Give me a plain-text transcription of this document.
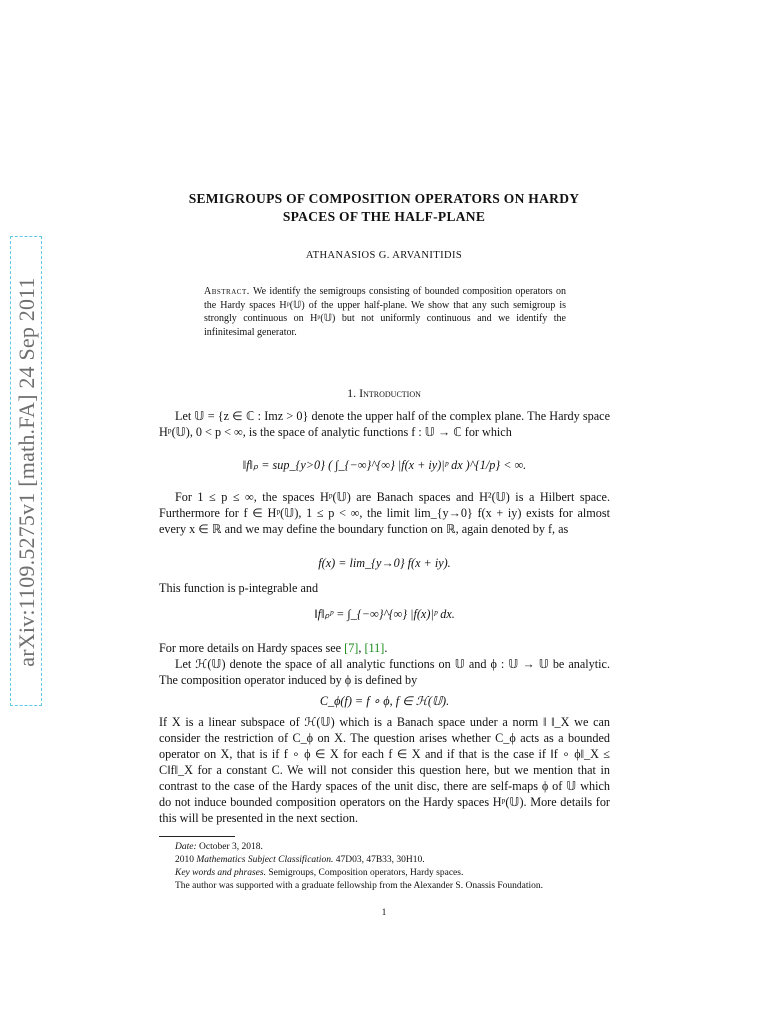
arXiv:1109.5275v1 [math.FA] 24 Sep 2011
SEMIGROUPS OF COMPOSITION OPERATORS ON HARDY
SPACES OF THE HALF-PLANE
ATHANASIOS G. ARVANITIDIS
Abstract. We identify the semigroups consisting of bounded composition operators on the Hardy spaces Hᵖ(𝕌) of the upper half-plane. We show that any such semigroup is strongly continuous on Hᵖ(𝕌) but not uniformly continuous and we identify the infinitesimal generator.
1. Introduction

Let 𝕌 = {z ∈ ℂ : Imz > 0} denote the upper half of the complex plane. The Hardy space Hᵖ(𝕌), 0 < p < ∞, is the space of analytic functions f : 𝕌 → ℂ for which

‖f‖ₚ = sup_{y>0} ( ∫_{−∞}^{∞} |f(x + iy)|ᵖ dx )^{1/p} < ∞.

For 1 ≤ p ≤ ∞, the spaces Hᵖ(𝕌) are Banach spaces and H²(𝕌) is a Hilbert space. Furthermore for f ∈ Hᵖ(𝕌), 1 ≤ p < ∞, the limit lim_{y→0} f(x + iy) exists for almost every x ∈ ℝ and we may define the boundary function on ℝ, again denoted by f, as

f(x) = lim_{y→0} f(x + iy).

This function is p-integrable and

‖f‖ₚᵖ = ∫_{−∞}^{∞} |f(x)|ᵖ dx.

For more details on Hardy spaces see [7], [11].

Let ℋ(𝕌) denote the space of all analytic functions on 𝕌 and ϕ : 𝕌 → 𝕌 be analytic. The composition operator induced by ϕ is defined by

C_ϕ(f) = f ∘ ϕ, f ∈ ℋ(𝕌).

If X is a linear subspace of ℋ(𝕌) which is a Banach space under a norm ‖ ‖_X we can consider the restriction of C_ϕ on X. The question arises whether C_ϕ acts as a bounded operator on X, that is if f ∘ ϕ ∈ X for each f ∈ X and if that is the case if ‖f ∘ ϕ‖_X ≤ C‖f‖_X for a constant C. We will not consider this question here, but we mention that in contrast to the case of the Hardy spaces of the unit disc, there are self-maps ϕ of 𝕌 which do not induce bounded composition operators on the Hardy spaces Hᵖ(𝕌). More details for this will be presented in the next section.

Date: October 3, 2018.

2010 Mathematics Subject Classification. 47D03, 47B33, 30H10.

Key words and phrases. Semigroups, Composition operators, Hardy spaces.

The author was supported with a graduate fellowship from the Alexander S. Onassis Foundation.

1
